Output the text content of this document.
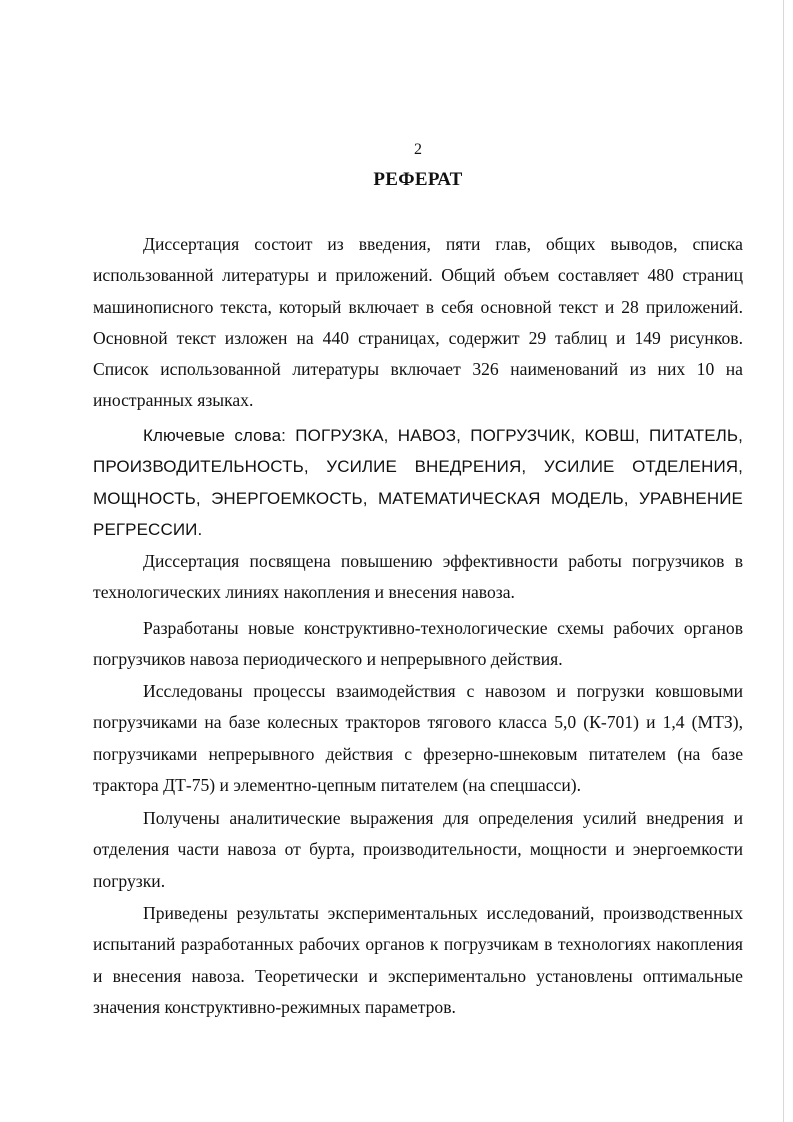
2
РЕФЕРАТ

Диссертация состоит из введения, пяти глав, общих выводов, списка использованной литературы и приложений. Общий объем составляет 480 страниц машинописного текста, который включает в себя основной текст и 28 приложений. Основной текст изложен на 440 страницах, содержит 29 таблиц и 149 рисунков. Список использованной литературы включает 326 наименований из них 10 на иностранных языках.

Ключевые слова: ПОГРУЗКА, НАВОЗ, ПОГРУЗЧИК, КОВШ, ПИТАТЕЛЬ, ПРОИЗВОДИТЕЛЬНОСТЬ, УСИЛИЕ ВНЕДРЕНИЯ, УСИЛИЕ ОТДЕЛЕНИЯ, МОЩНОСТЬ, ЭНЕРГОЕМКОСТЬ, МАТЕМАТИЧЕСКАЯ МОДЕЛЬ, УРАВНЕНИЕ РЕГРЕССИИ.

Диссертация посвящена повышению эффективности работы погрузчиков в технологических линиях накопления и внесения навоза.

Разработаны новые конструктивно-технологические схемы рабочих органов погрузчиков навоза периодического и непрерывного действия.

Исследованы процессы взаимодействия с навозом и погрузки ковшовыми погрузчиками на базе колесных тракторов тягового класса 5,0 (К-701) и 1,4 (МТЗ), погрузчиками непрерывного действия с фрезерно-шнековым питателем (на базе трактора ДТ-75) и элементно-цепным питателем (на спецшасси).

Получены аналитические выражения для определения усилий внедрения и отделения части навоза от бурта, производительности, мощности и энергоемкости погрузки.

Приведены результаты экспериментальных исследований, производственных испытаний разработанных рабочих органов к погрузчикам в технологиях накопления и внесения навоза. Теоретически и экспериментально установлены оптимальные значения конструктивно-режимных параметров.
